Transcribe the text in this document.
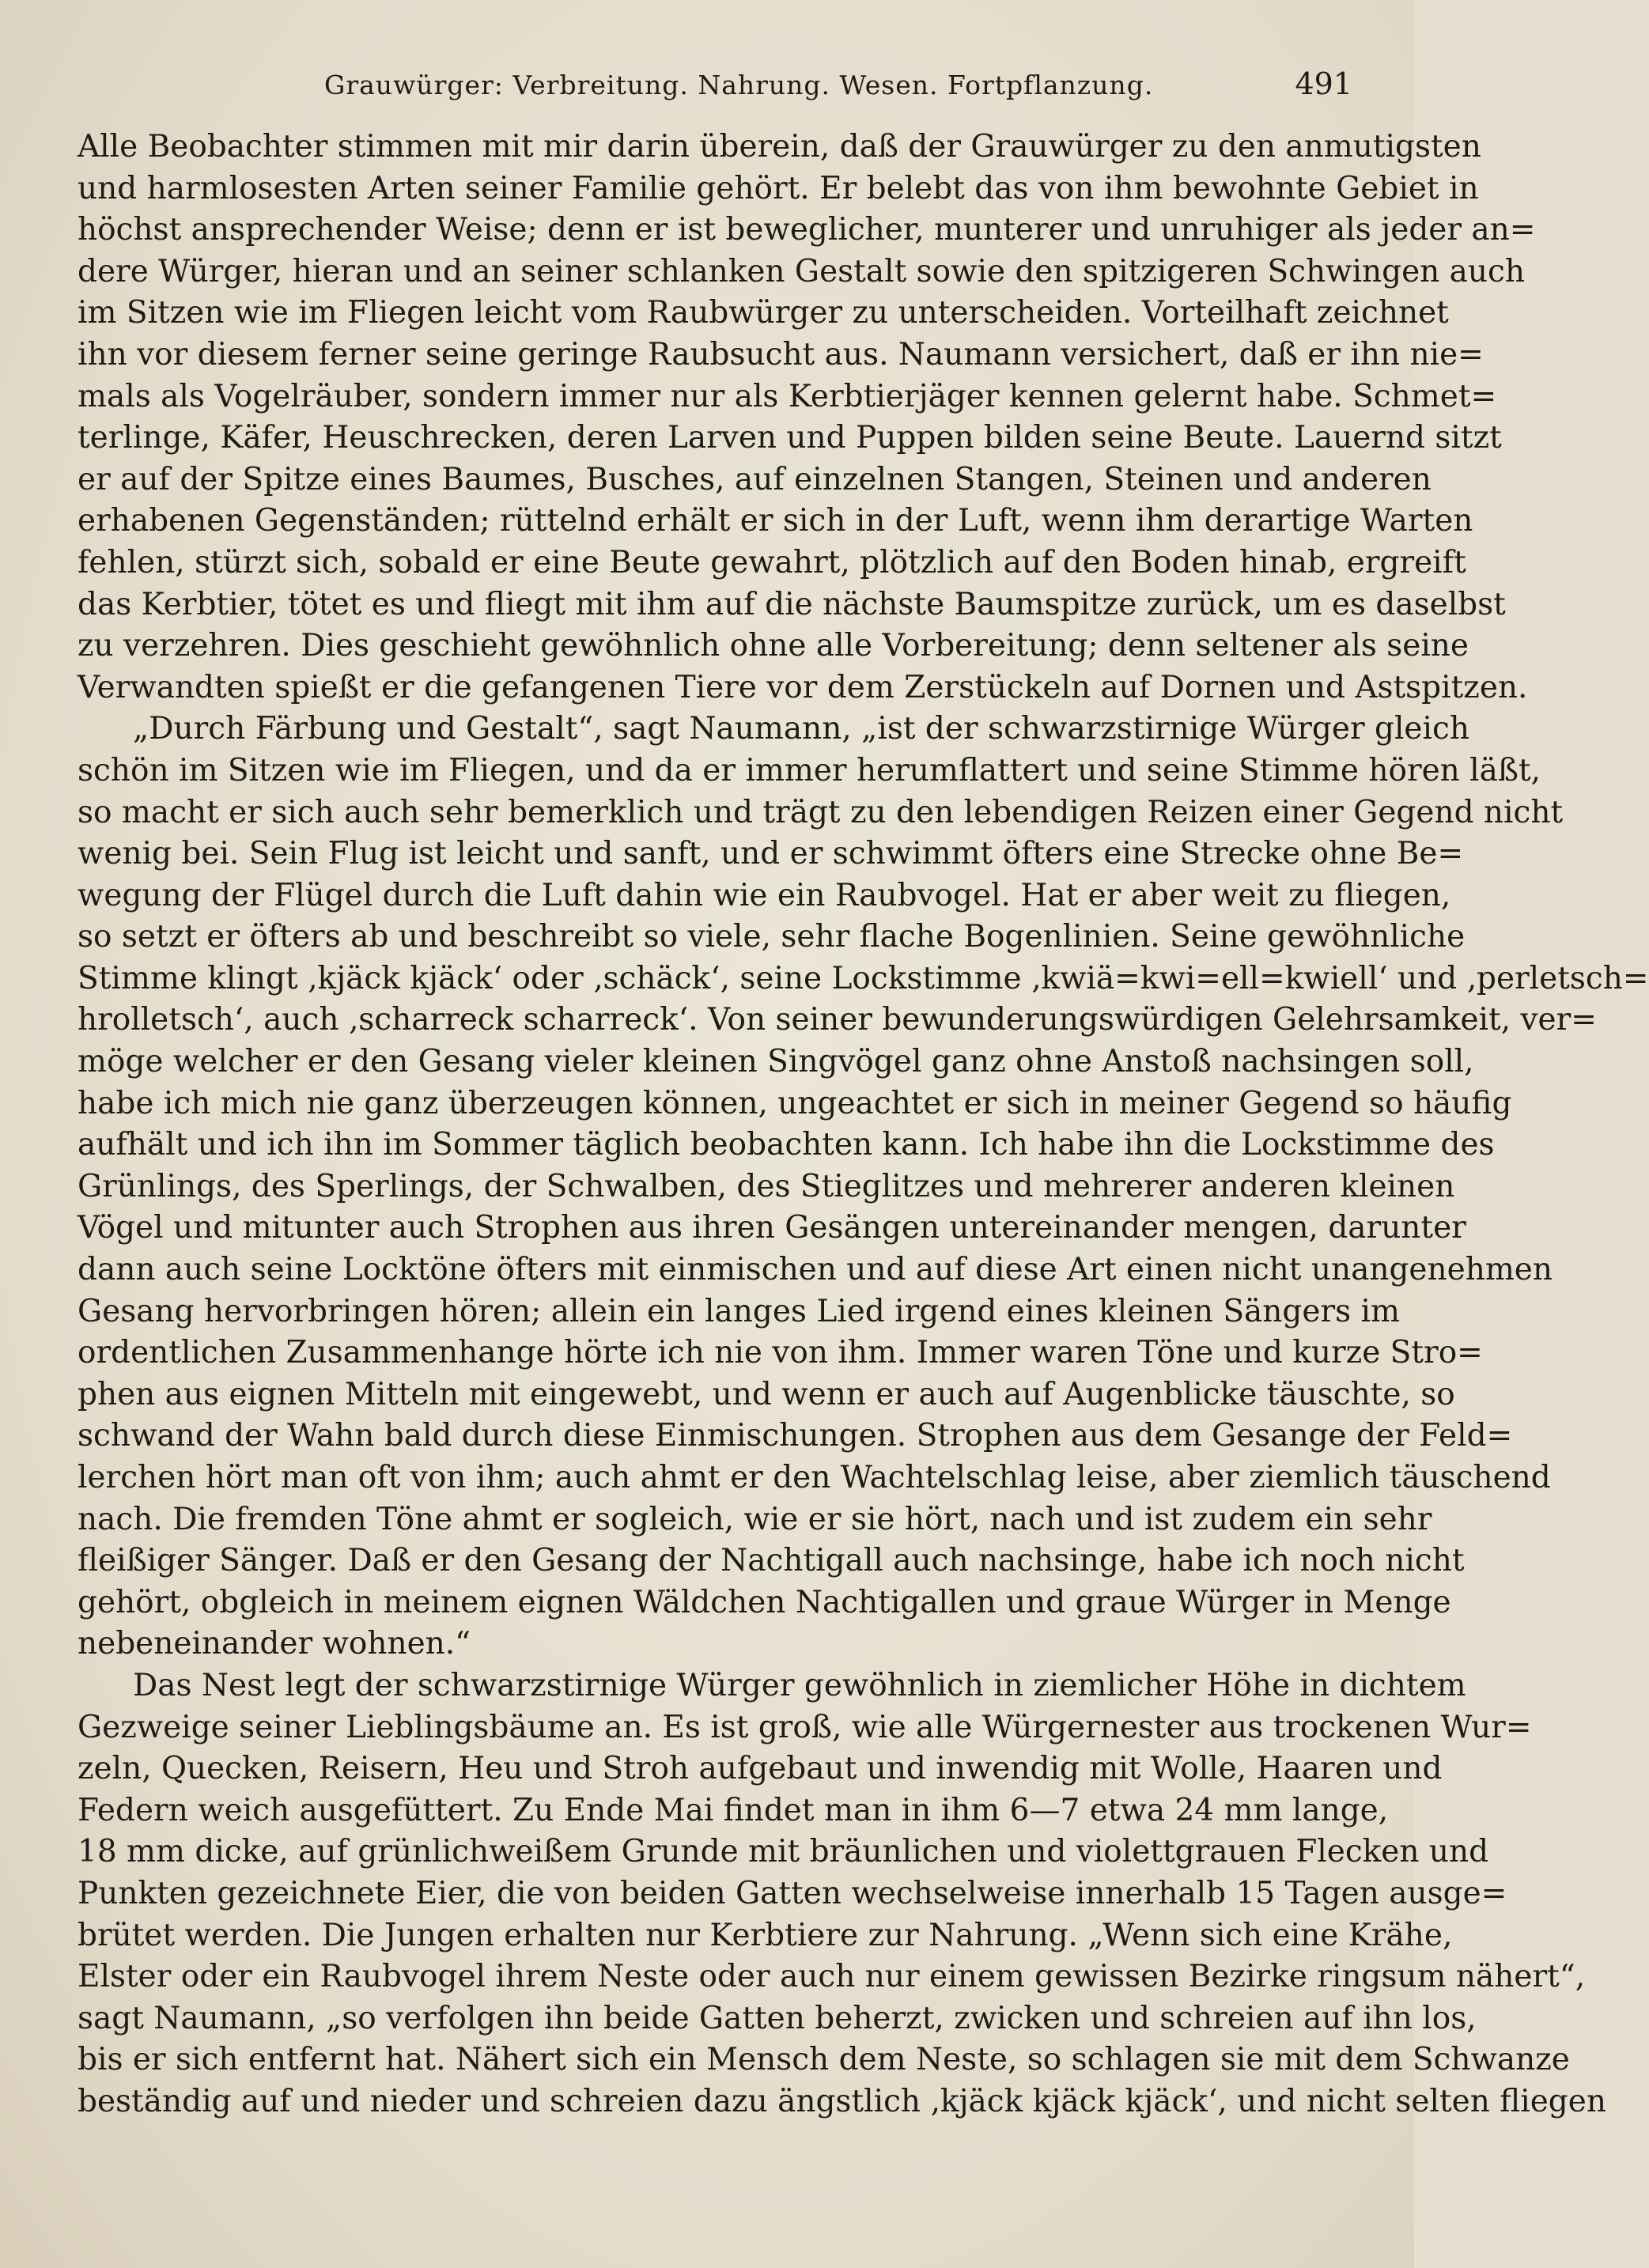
Grauwürger: Verbreitung. Nahrung. Wesen. Fortpflanzung.	491
Alle Beobachter stimmen mit mir darin überein, daß der Grauwürger zu den anmutigsten
und harmlosesten Arten seiner Familie gehört. Er belebt das von ihm bewohnte Gebiet in
höchst ansprechender Weise; denn er ist beweglicher, munterer und unruhiger als jeder an=
dere Würger, hieran und an seiner schlanken Gestalt sowie den spitzigeren Schwingen auch
im Sitzen wie im Fliegen leicht vom Raubwürger zu unterscheiden. Vorteilhaft zeichnet
ihn vor diesem ferner seine geringe Raubsucht aus. Naumann versichert, daß er ihn nie=
mals als Vogelräuber, sondern immer nur als Kerbtierjäger kennen gelernt habe. Schmet=
terlinge, Käfer, Heuschrecken, deren Larven und Puppen bilden seine Beute. Lauernd sitzt
er auf der Spitze eines Baumes, Busches, auf einzelnen Stangen, Steinen und anderen
erhabenen Gegenständen; rüttelnd erhält er sich in der Luft, wenn ihm derartige Warten
fehlen, stürzt sich, sobald er eine Beute gewahrt, plötzlich auf den Boden hinab, ergreift
das Kerbtier, tötet es und fliegt mit ihm auf die nächste Baumspitze zurück, um es daselbst
zu verzehren. Dies geschieht gewöhnlich ohne alle Vorbereitung; denn seltener als seine
Verwandten spießt er die gefangenen Tiere vor dem Zerstückeln auf Dornen und Astspitzen.
„Durch Färbung und Gestalt“, sagt Naumann, „ist der schwarzstirnige Würger gleich
schön im Sitzen wie im Fliegen, und da er immer herumflattert und seine Stimme hören läßt,
so macht er sich auch sehr bemerklich und trägt zu den lebendigen Reizen einer Gegend nicht
wenig bei. Sein Flug ist leicht und sanft, und er schwimmt öfters eine Strecke ohne Be=
wegung der Flügel durch die Luft dahin wie ein Raubvogel. Hat er aber weit zu fliegen,
so setzt er öfters ab und beschreibt so viele, sehr flache Bogenlinien. Seine gewöhnliche
Stimme klingt ‚kjäck kjäck‘ oder ‚schäck‘, seine Lockstimme ‚kwiä=kwi=ell=kwiell‘ und ‚perletsch=
hrolletsch‘, auch ‚scharreck scharreck‘. Von seiner bewunderungswürdigen Gelehrsamkeit, ver=
möge welcher er den Gesang vieler kleinen Singvögel ganz ohne Anstoß nachsingen soll,
habe ich mich nie ganz überzeugen können, ungeachtet er sich in meiner Gegend so häufig
aufhält und ich ihn im Sommer täglich beobachten kann. Ich habe ihn die Lockstimme des
Grünlings, des Sperlings, der Schwalben, des Stieglitzes und mehrerer anderen kleinen
Vögel und mitunter auch Strophen aus ihren Gesängen untereinander mengen, darunter
dann auch seine Locktöne öfters mit einmischen und auf diese Art einen nicht unangenehmen
Gesang hervorbringen hören; allein ein langes Lied irgend eines kleinen Sängers im
ordentlichen Zusammenhange hörte ich nie von ihm. Immer waren Töne und kurze Stro=
phen aus eignen Mitteln mit eingewebt, und wenn er auch auf Augenblicke täuschte, so
schwand der Wahn bald durch diese Einmischungen. Strophen aus dem Gesange der Feld=
lerchen hört man oft von ihm; auch ahmt er den Wachtelschlag leise, aber ziemlich täuschend
nach. Die fremden Töne ahmt er sogleich, wie er sie hört, nach und ist zudem ein sehr
fleißiger Sänger. Daß er den Gesang der Nachtigall auch nachsinge, habe ich noch nicht
gehört, obgleich in meinem eignen Wäldchen Nachtigallen und graue Würger in Menge
nebeneinander wohnen.“
Das Nest legt der schwarzstirnige Würger gewöhnlich in ziemlicher Höhe in dichtem
Gezweige seiner Lieblingsbäume an. Es ist groß, wie alle Würgernester aus trockenen Wur=
zeln, Quecken, Reisern, Heu und Stroh aufgebaut und inwendig mit Wolle, Haaren und
Federn weich ausgefüttert. Zu Ende Mai findet man in ihm 6—7 etwa 24 mm lange,
18 mm dicke, auf grünlichweißem Grunde mit bräunlichen und violettgrauen Flecken und
Punkten gezeichnete Eier, die von beiden Gatten wechselweise innerhalb 15 Tagen ausge=
brütet werden. Die Jungen erhalten nur Kerbtiere zur Nahrung. „Wenn sich eine Krähe,
Elster oder ein Raubvogel ihrem Neste oder auch nur einem gewissen Bezirke ringsum nähert“,
sagt Naumann, „so verfolgen ihn beide Gatten beherzt, zwicken und schreien auf ihn los,
bis er sich entfernt hat. Nähert sich ein Mensch dem Neste, so schlagen sie mit dem Schwanze
beständig auf und nieder und schreien dazu ängstlich ‚kjäck kjäck kjäck‘, und nicht selten fliegen
